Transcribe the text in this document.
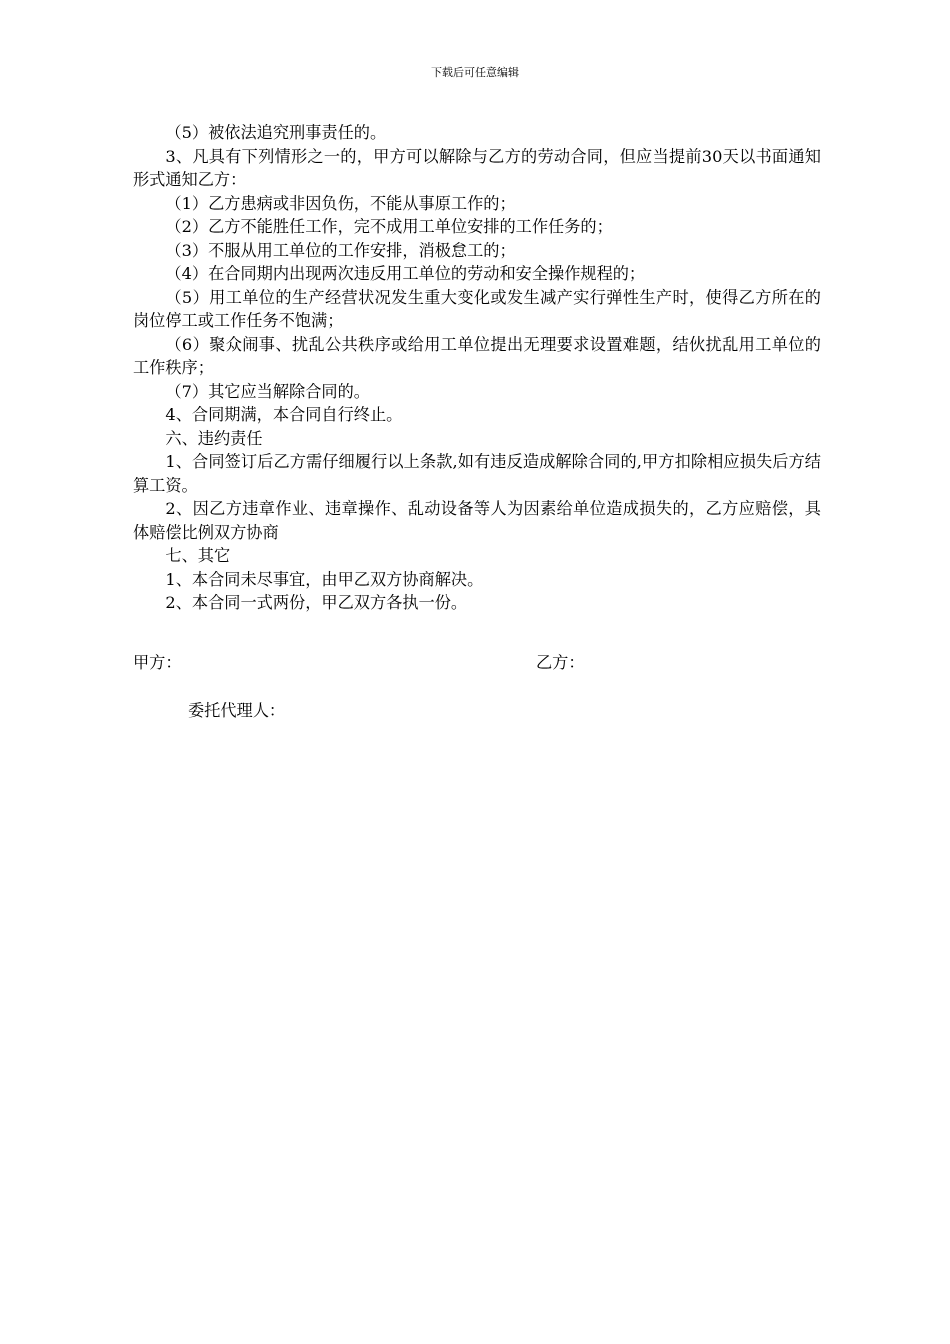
下载后可任意编辑

（5）被依法追究刑事责任的。

3、凡具有下列情形之一的，甲方可以解除与乙方的劳动合同，但应当提前30天以书面通知形式通知乙方：

（1）乙方患病或非因负伤，不能从事原工作的；

（2）乙方不能胜任工作，完不成用工单位安排的工作任务的；

（3）不服从用工单位的工作安排，消极怠工的；

（4）在合同期内出现两次违反用工单位的劳动和安全操作规程的；

（5）用工单位的生产经营状况发生重大变化或发生减产实行弹性生产时，使得乙方所在的岗位停工或工作任务不饱满；

（6）聚众闹事、扰乱公共秩序或给用工单位提出无理要求设置难题，结伙扰乱用工单位的工作秩序；

（7）其它应当解除合同的。

4、合同期满，本合同自行终止。

六、违约责任

1、合同签订后乙方需仔细履行以上条款,如有违反造成解除合同的,甲方扣除相应损失后方结算工资。

2、因乙方违章作业、违章操作、乱动设备等人为因素给单位造成损失的，乙方应赔偿，具体赔偿比例双方协商

七、其它

1、本合同未尽事宜，由甲乙双方协商解决。

2、本合同一式两份，甲乙双方各执一份。

甲方：	乙方：
委托代理人：
